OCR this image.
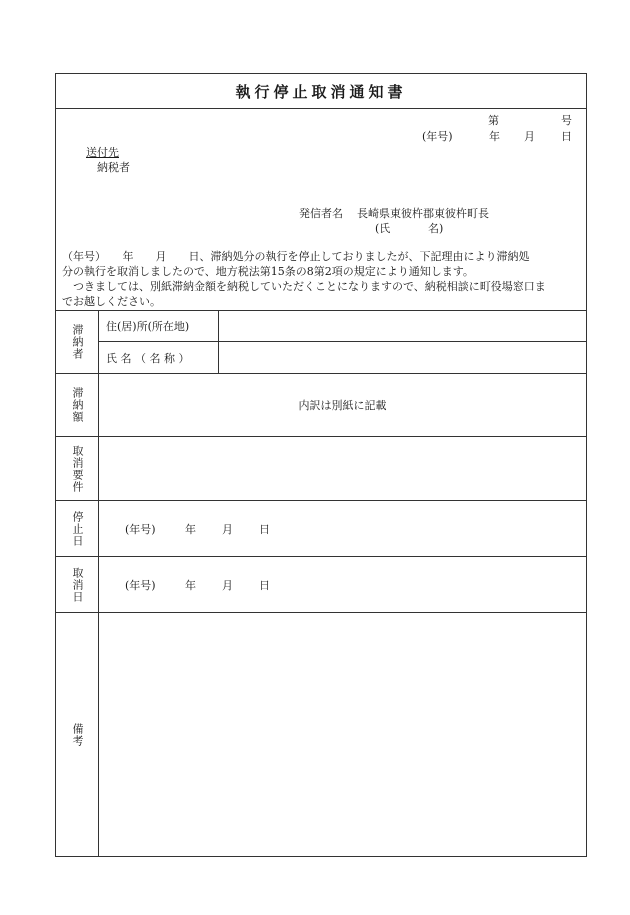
執行停止取消通知書
第	号
(年号)	年 月 日
送付先
納税者
発信者名 長崎県東彼杵郡東彼杵町長
(氏	名)
（年号）　　年　　月　　日、滞納処分の執行を停止しておりましたが、下記理由により滞納処
分の執行を取消しましたので、地方税法第15条の8第2項の規定により通知します。
　つきましては、別紙滞納金額を納税していただくことになりますので、納税相談に町役場窓口ま
でお越しください。
滞納者	住(居)所(所在地)
氏 名 （ 名 称 ）
滞納額	内訳は別紙に記載
取消要件
停止日	(年号)	年	月	日
取消日	(年号)	年	月	日
備考
